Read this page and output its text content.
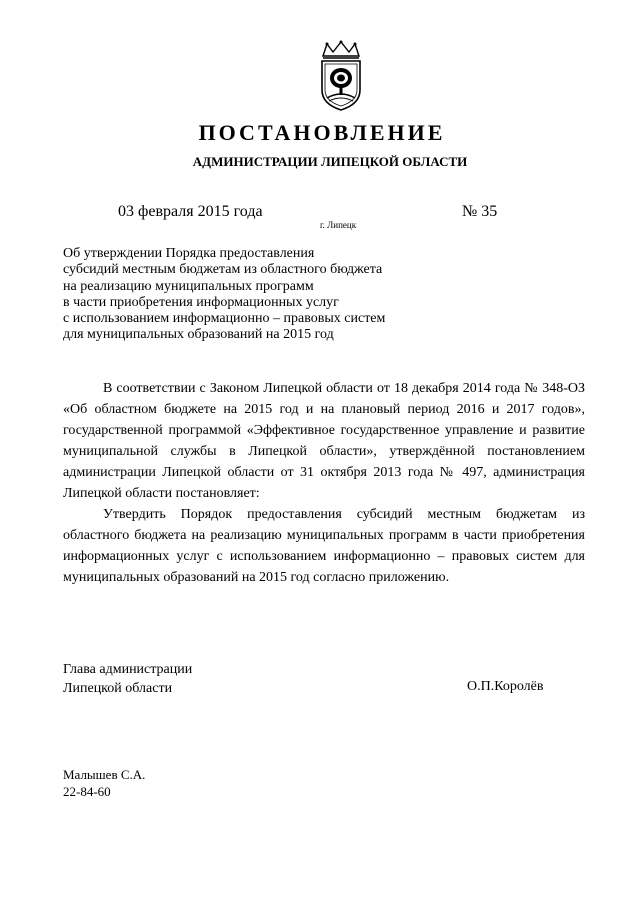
ПОСТАНОВЛЕНИЕ
АДМИНИСТРАЦИИ ЛИПЕЦКОЙ ОБЛАСТИ
03 февраля 2015 года
г. Липецк
№ 35
Об утверждении Порядка предоставления
субсидий местным бюджетам из областного бюджета
на реализацию муниципальных программ
в части приобретения информационных услуг
с использованием информационно – правовых систем
для муниципальных образований на 2015 год

В соответствии с Законом Липецкой области от 18 декабря 2014 года № 348-ОЗ «Об областном бюджете на 2015 год и на плановый период 2016 и 2017 годов», государственной программой «Эффективное государственное управление и развитие муниципальной службы в Липецкой области», утверждённой постановлением администрации Липецкой области от 31 октября 2013 года № 497, администрация Липецкой области постановляет:

Утвердить Порядок предоставления субсидий местным бюджетам из областного бюджета на реализацию муниципальных программ в части приобретения информационных услуг с использованием информационно – правовых систем для муниципальных образований на 2015 год согласно приложению.

Глава администрации
Липецкой области	О.П.Королёв
Малышев С.А.
22-84-60
